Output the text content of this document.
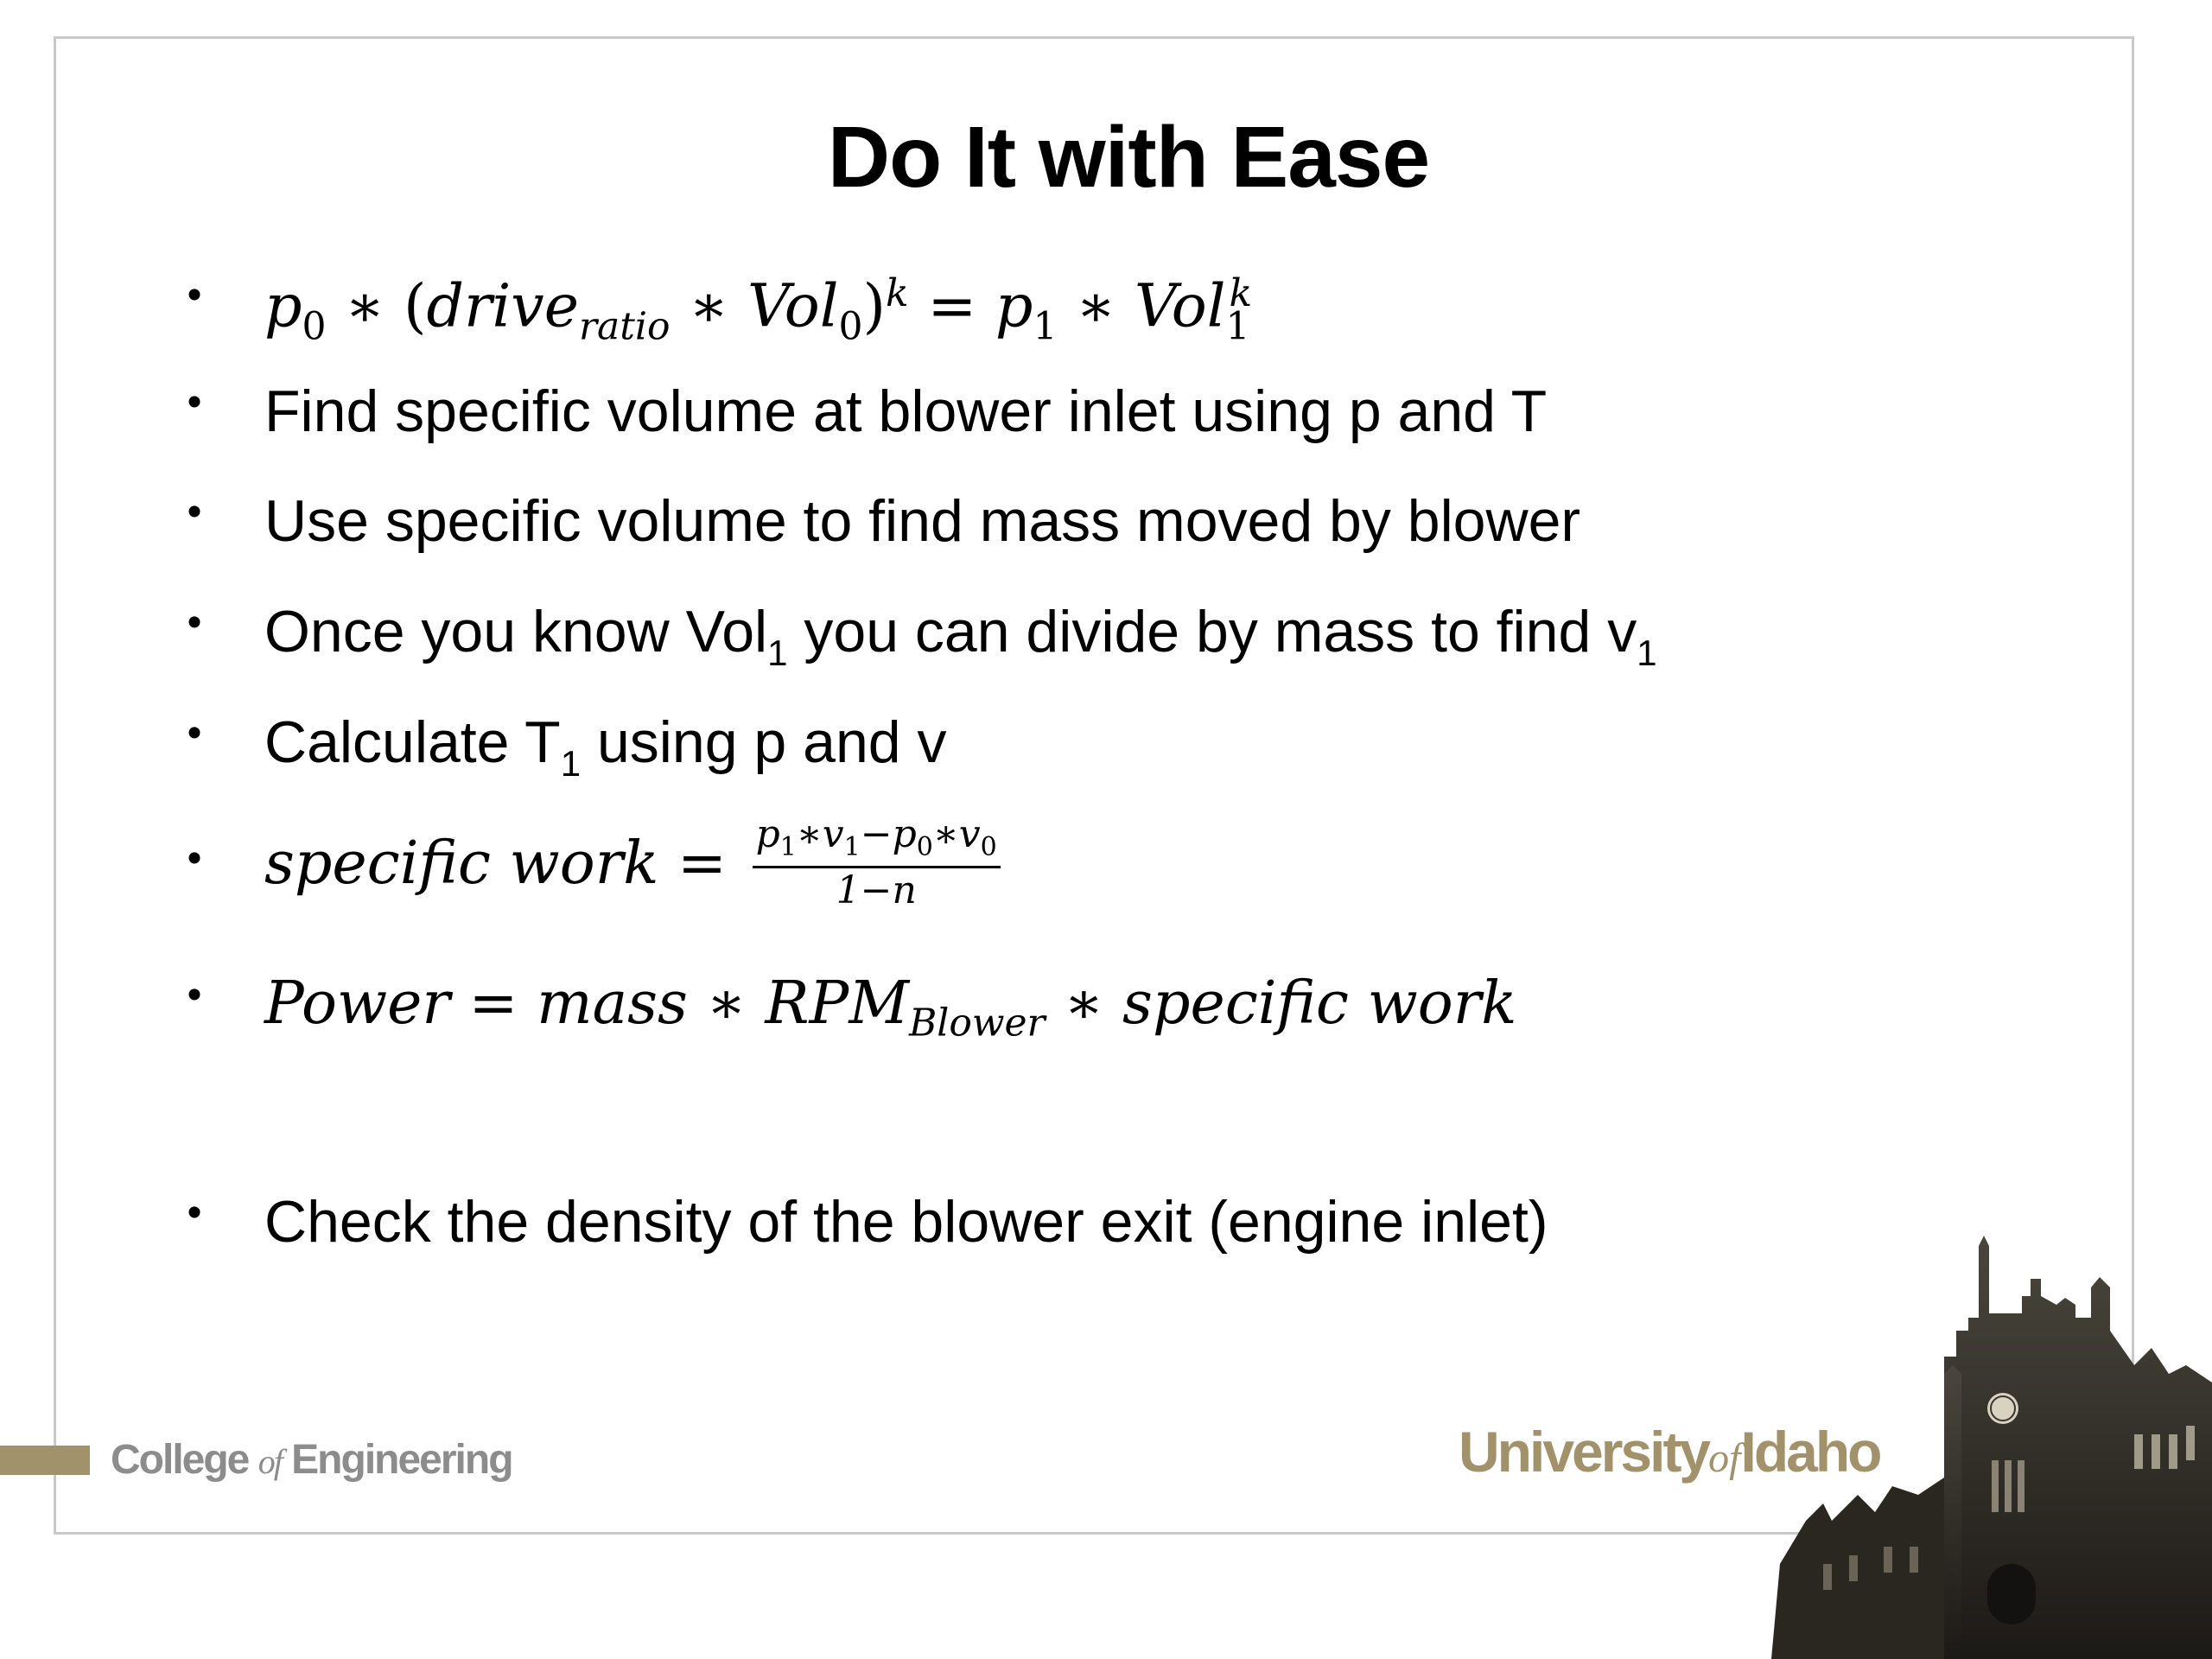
Do It with Ease
• $p_0$ ∗ (drive$_{ratio}$ ∗ $Vol_0)^k = p_1$ ∗ Vol$_1^k$
• Find specific volume at blower inlet using p and T
• Use specific volume to find mass moved by blower
• Once you know Vol$_1$ you can divide by mass to find $v_1$
• Calculate $T_1$ using p and v
• specific work = $\frac{p_1∗v_1-p_0∗v_0}{1-n}$
• Power = mass ∗ $RPM_{Blower}$ ∗ specific work
• Check the density of the blower exit (engine inlet)
College of Engineering	UniversityofIdaho
